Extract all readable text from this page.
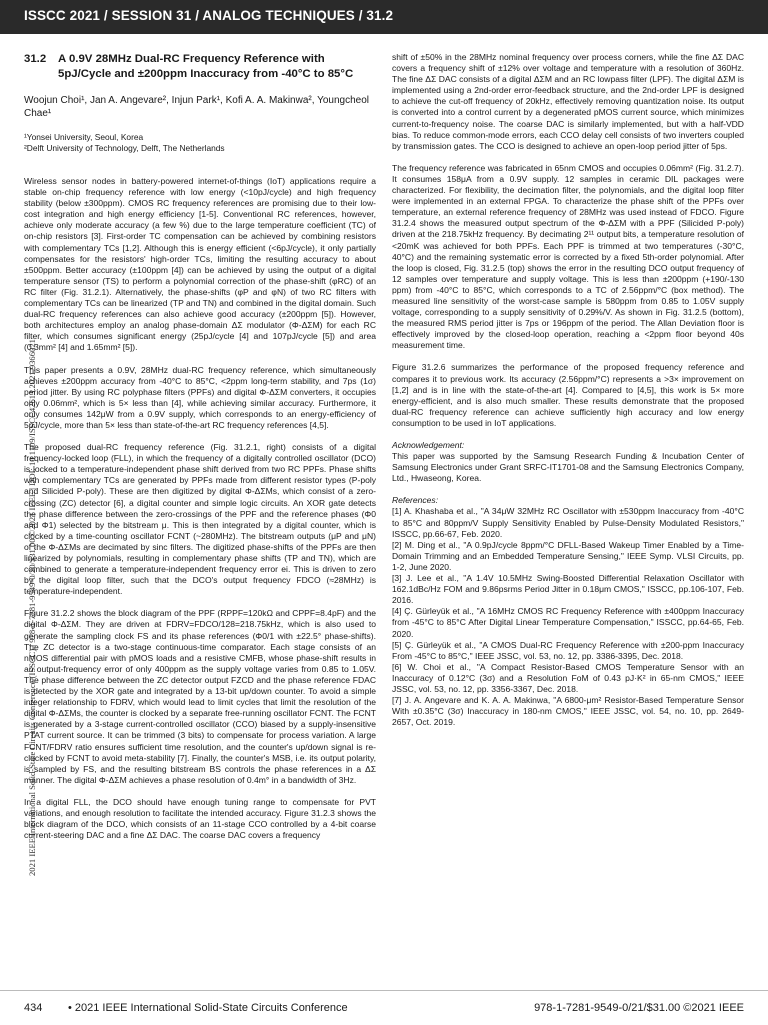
ISSCC 2021 / SESSION 31 / ANALOG TECHNIQUES / 31.2
2021 IEEE International Solid-State Circuits Conference (ISSCC) | 978-1-7281-9549-0/20/$31.00 ©2021 IEEE | DOI: 10.1109/ISSCC42613.2021.9366021
31.2	A 0.9V 28MHz Dual-RC Frequency Reference with 5pJ/Cycle and ±200ppm Inaccuracy from -40°C to 85°C
Woojun Choi¹, Jan A. Angevare², Injun Park¹, Kofi A. A. Makinwa², Youngcheol Chae¹
¹Yonsei University, Seoul, Korea
²Delft University of Technology, Delft, The Netherlands

Wireless sensor nodes in battery-powered internet-of-things (IoT) applications require a stable on-chip frequency reference with low energy (<10pJ/cycle) and high frequency stability (below ±300ppm). CMOS RC frequency references are promising due to their low-cost integration and high energy efficiency [1-5]. Conventional RC references, however, achieve only moderate accuracy (a few %) due to the large temperature coefficient (TC) of on-chip resistors [3]. First-order TC compensation can be achieved by combining resistors with complementary TCs [1,2]. Although this is energy efficient (<6pJ/cycle), it only partially compensates for the resistors' high-order TCs, limiting the resulting accuracy to about ±500ppm. Better accuracy (±100ppm [4]) can be achieved by using the output of a digital temperature sensor (TS) to perform a polynomial correction of the phase-shift (φRC) of an RC filter (Fig. 31.2.1). Alternatively, the phase-shifts (φP and φN) of two RC filters with complementary TCs can be linearized (TP and TN) and combined in the digital domain. Such dual-RC frequency references can also achieve good accuracy (±200ppm [5]). However, both architectures employ an analog phase-domain ΔΣ modulator (Φ-ΔΣM) for each RC filter, which consumes significant energy (25pJ/cycle [4] and 107pJ/cycle [5]) and area (0.3mm² [4] and 1.65mm² [5]).

This paper presents a 0.9V, 28MHz dual-RC frequency reference, which simultaneously achieves ±200ppm accuracy from -40°C to 85°C, <2ppm long-term stability, and 7ps (1σ) period jitter. By using RC polyphase filters (PPFs) and digital Φ-ΔΣM converters, it occupies only 0.06mm², which is 5× less than [4], while achieving similar accuracy. Furthermore, it only consumes 142μW from a 0.9V supply, which corresponds to an energy-efficiency of 5pJ/cycle, more than 5× less than state-of-the-art RC frequency references [4,5].

The proposed dual-RC frequency reference (Fig. 31.2.1, right) consists of a digital frequency-locked loop (FLL), in which the frequency of a digitally controlled oscillator (DCO) is locked to a temperature-independent phase shift derived from two RC PPFs. Phase shifts with complementary TCs are generated by PPFs made from different resistor types (P-poly and Silicided P-poly). These are then digitized by digital Φ-ΔΣMs, which consist of a zero-crossing (ZC) detector [6], a digital counter and simple logic circuits. An XOR gate detects the phase difference between the zero-crossings of the PPF and the reference phases (Φ0 and Φ1) selected by the bitstream μ. This is then integrated by a digital counter, which is clocked by a time-counting oscillator FCNT (~280MHz). The bitstream outputs (μP and μN) of the Φ-ΔΣMs are decimated by sinc filters. The digitized phase-shifts of the PPFs are then linearized by polynomials, resulting in complementary phase shifts (TP and TN), which are combined to generate a temperature-independent frequency error ei. This is driven to zero by the digital loop filter, such that the DCO's output frequency FDCO (≈28MHz) is temperature-independent.

Figure 31.2.2 shows the block diagram of the PPF (RPPF=120kΩ and CPPF=8.4pF) and the digital Φ-ΔΣM. They are driven at FDRV=FDCO/128=218.75kHz, which is also used to generate the sampling clock FS and its phase references (Φ0/1 with ±22.5° phase-shifts). The ZC detector is a two-stage continuous-time comparator. Each stage consists of an nMOS differential pair with pMOS loads and a resistive CMFB, whose phase-shift results in an output-frequency error of only 400ppm as the supply voltage varies from 0.85 to 1.05V. The phase difference between the ZC detector output FZCD and the phase reference FDAC is detected by the XOR gate and integrated by a 13-bit up/down counter. To avoid a simple integer relationship to FDRV, which would lead to limit cycles that limit the resolution of the digital Φ-ΔΣMs, the counter is clocked by a separate free-running oscillator FCNT. The FCNT is generated by a 3-stage current-controlled oscillator (CCO) biased by a supply-insensitive PTAT current source. It can be trimmed (3 bits) to compensate for process variation. A large FCNT/FDRV ratio ensures sufficient time resolution, and the counter's up/down signal is re-clocked by FCNT to avoid meta-stability [7]. Finally, the counter's MSB, i.e. its output polarity, is sampled by FS, and the resulting bitstream BS controls the phase references in a ΔΣ manner. The digital Φ-ΔΣM achieves a phase resolution of 0.4m° in a bandwidth of 3Hz.

In a digital FLL, the DCO should have enough tuning range to compensate for PVT variations, and enough resolution to facilitate the intended accuracy. Figure 31.2.3 shows the block diagram of the DCO, which consists of an 11-stage CCO controlled by a 4-bit coarse current-steering DAC and a fine ΔΣ DAC. The coarse DAC covers a frequency

shift of ±50% in the 28MHz nominal frequency over process corners, while the fine ΔΣ DAC covers a frequency shift of ±12% over voltage and temperature with a resolution of 360Hz. The fine ΔΣ DAC consists of a digital ΔΣM and an RC lowpass filter (LPF). The digital ΔΣM is implemented using a 2nd-order error-feedback structure, and the 2nd-order LPF is designed to achieve the cut-off frequency of 20kHz, effectively removing quantization noise. Its output is converted into a control current by a degenerated pMOS current source, which minimizes current-to-frequency noise. The coarse DAC is similarly implemented, but with a half-VDD bias. To reduce common-mode errors, each CCO delay cell consists of two inverters coupled by transmission gates. The CCO is designed to achieve an open-loop period jitter of 5ps.

The frequency reference was fabricated in 65nm CMOS and occupies 0.06mm² (Fig. 31.2.7). It consumes 158μA from a 0.9V supply. 12 samples in ceramic DIL packages were characterized. For flexibility, the decimation filter, the polynomials, and the digital loop filter were implemented in an external FPGA. To characterize the phase shift of the PPFs over temperature, an external reference frequency of 28MHz was used instead of FDCO. Figure 31.2.4 shows the measured output spectrum of the Φ-ΔΣM with a PPF (Silicided P-poly) driven at the 218.75kHz frequency. By decimating 2¹¹ output bits, a temperature resolution of <20mK was achieved for both PPFs. Each PPF is trimmed at two temperatures (-30°C, 40°C) and the remaining systematic error is corrected by a fixed 5th-order polynomial. After the loop is closed, Fig. 31.2.5 (top) shows the error in the resulting DCO output frequency of 12 samples over temperature and supply voltage. This is less than ±200ppm (+190/-130 ppm) from -40°C to 85°C, which corresponds to a TC of 2.56ppm/°C (box method). The measured line sensitivity of the worst-case sample is 580ppm from 0.85 to 1.05V supply voltage, corresponding to a supply sensitivity of 0.29%/V. As shown in Fig. 31.2.5 (bottom), the measured RMS period jitter is 7ps or 196ppm of the period. The Allan Deviation floor is effectively improved by the closed-loop operation, reaching a <2ppm floor beyond 40s measurement time.

Figure 31.2.6 summarizes the performance of the proposed frequency reference and compares it to previous work. Its accuracy (2.56ppm/°C) represents a >3× improvement on [1,2] and is in line with the state-of-the-art [4]. Compared to [4,5], this work is 5× more energy-efficient, and is also much smaller. These results demonstrate that the proposed dual-RC frequency reference can achieve sufficiently high accuracy and low energy consumption to be used in IoT applications.

Acknowledgement:

This paper was supported by the Samsung Research Funding & Incubation Center of Samsung Electronics under Grant SRFC-IT1701-08 and the Samsung Electronics Company, Ltd., Hwaseong, Korea.

References:

[1] A. Khashaba et al., "A 34μW 32MHz RC Oscillator with ±530ppm Inaccuracy from -40°C to 85°C and 80ppm/V Supply Sensitivity Enabled by Pulse-Density Modulated Resistors," ISSCC, pp.66-67, Feb. 2020.

[2] M. Ding et al., "A 0.9pJ/cycle 8ppm/°C DFLL-Based Wakeup Timer Enabled by a Time-Domain Trimming and an Embedded Temperature Sensing," IEEE Symp. VLSI Circuits, pp. 1-2, June 2020.

[3] J. Lee et al., "A 1.4V 10.5MHz Swing-Boosted Differential Relaxation Oscillator with 162.1dBc/Hz FOM and 9.86psrms Period Jitter in 0.18μm CMOS," ISSCC, pp.106-107, Feb. 2016.

[4] Ç. Gürleyük et al., "A 16MHz CMOS RC Frequency Reference with ±400ppm Inaccuracy from -45°C to 85°C After Digital Linear Temperature Compensation," ISSCC, pp.64-65, Feb. 2020.

[5] Ç. Gürleyük et al., "A CMOS Dual-RC Frequency Reference with ±200-ppm Inaccuracy From -45°C to 85°C," IEEE JSSC, vol. 53, no. 12, pp. 3386-3395, Dec. 2018.

[6] W. Choi et al., "A Compact Resistor-Based CMOS Temperature Sensor with an Inaccuracy of 0.12°C (3σ) and a Resolution FoM of 0.43 pJ·K² in 65-nm CMOS," IEEE JSSC, vol. 53, no. 12, pp. 3356-3367, Dec. 2018.

[7] J. A. Angevare and K. A. A. Makinwa, "A 6800-μm² Resistor-Based Temperature Sensor With ±0.35°C (3σ) Inaccuracy in 180-nm CMOS," IEEE JSSC, vol. 54, no. 10, pp. 2649-2657, Oct. 2019.

434 • 2021 IEEE International Solid-State Circuits Conference	978-1-7281-9549-0/21/$31.00 ©2021 IEEE
